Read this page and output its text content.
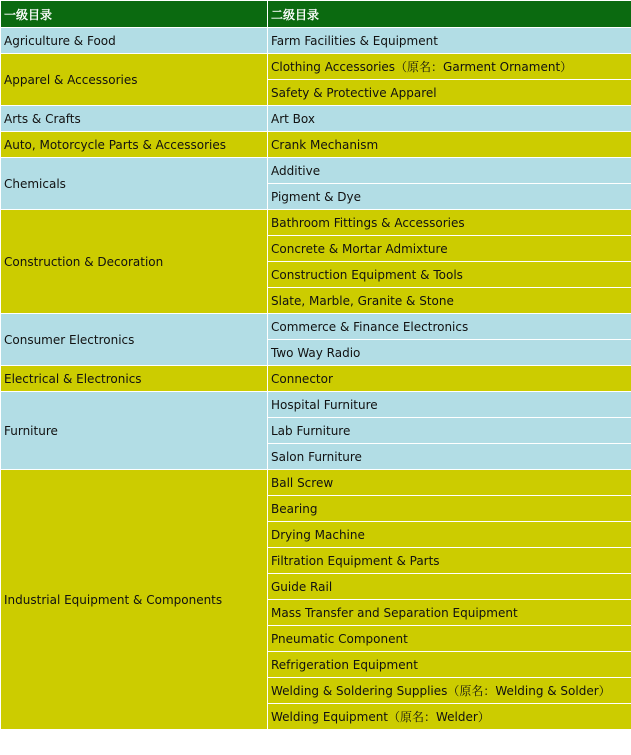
一级目录	二级目录
Agriculture & Food	Farm Facilities & Equipment
Apparel & Accessories	Clothing Accessories（原名：Garment Ornament）
	Safety & Protective Apparel
Arts & Crafts	Art Box
Auto, Motorcycle Parts & Accessories	Crank Mechanism
Chemicals	Additive
	Pigment & Dye
Construction & Decoration	Bathroom Fittings & Accessories
	Concrete & Mortar Admixture
	Construction Equipment & Tools
	Slate, Marble, Granite & Stone
Consumer Electronics	Commerce & Finance Electronics
	Two Way Radio
Electrical & Electronics	Connector
Furniture	Hospital Furniture
	Lab Furniture
	Salon Furniture
Industrial Equipment & Components	Ball Screw
	Bearing
	Drying Machine
	Filtration Equipment & Parts
	Guide Rail
	Mass Transfer and Separation Equipment
	Pneumatic Component
	Refrigeration Equipment
	Welding & Soldering Supplies（原名：Welding & Solder）
	Welding Equipment（原名：Welder）
